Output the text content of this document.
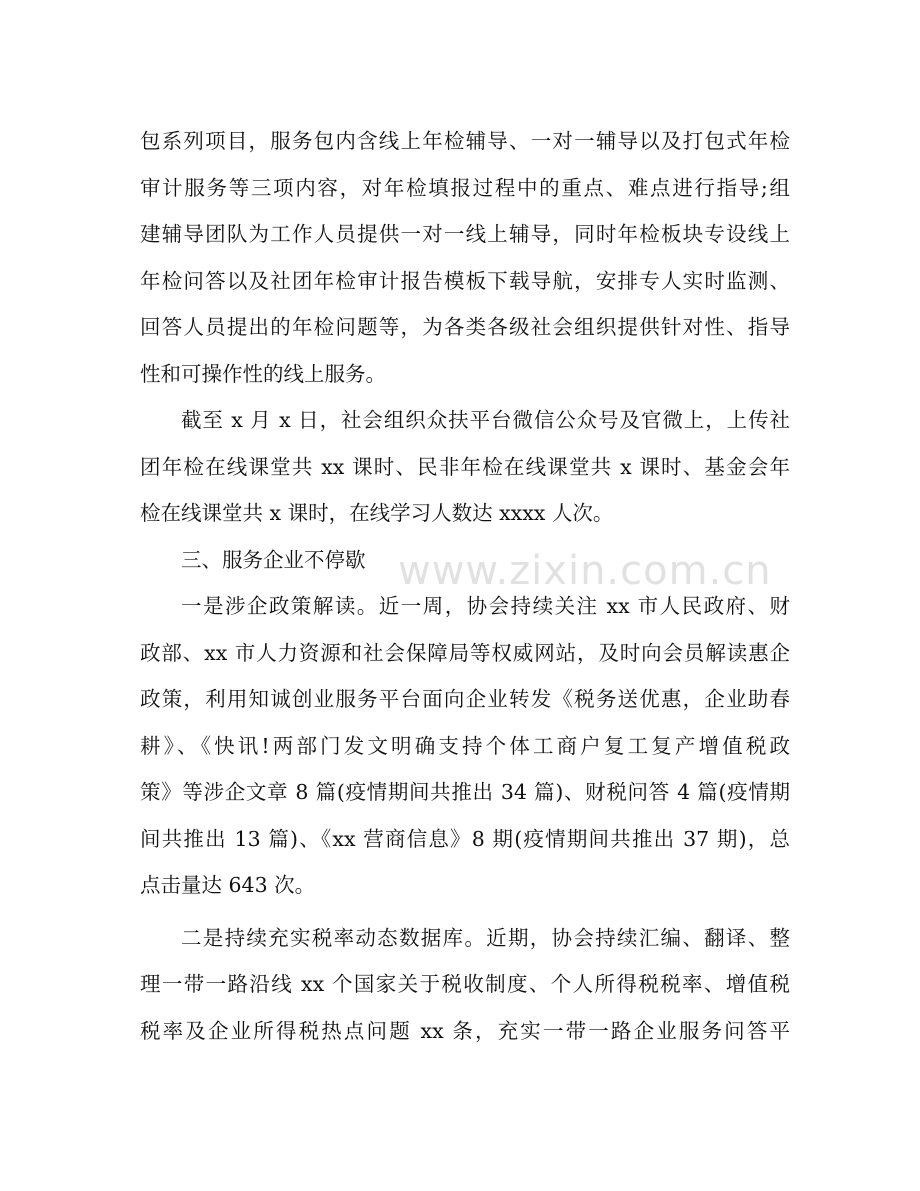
包系列项目，服务包内含线上年检辅导、一对一辅导以及打包式年检
审计服务等三项内容，对年检填报过程中的重点、难点进行指导;组
建辅导团队为工作人员提供一对一线上辅导，同时年检板块专设线上
年检问答以及社团年检审计报告模板下载导航，安排专人实时监测、
回答人员提出的年检问题等，为各类各级社会组织提供针对性、指导
性和可操作性的线上服务。
截至 x 月 x 日，社会组织众扶平台微信公众号及官微上，上传社
团年检在线课堂共 xx 课时、民非年检在线课堂共 x 课时、基金会年
检在线课堂共 x 课时，在线学习人数达 xxxx 人次。
三、服务企业不停歇
一是涉企政策解读。近一周，协会持续关注 xx 市人民政府、财
政部、xx 市人力资源和社会保障局等权威网站，及时向会员解读惠企
政策，利用知诚创业服务平台面向企业转发《税务送优惠，企业助春
耕》、《快讯!两部门发文明确支持个体工商户复工复产增值税政
策》等涉企文章 8 篇(疫情期间共推出 34 篇)、财税问答 4 篇(疫情期
间共推出 13 篇)、《xx 营商信息》8 期(疫情期间共推出 37 期)，总
点击量达 643 次。
二是持续充实税率动态数据库。近期，协会持续汇编、翻译、整
理一带一路沿线 xx 个国家关于税收制度、个人所得税税率、增值税
税率及企业所得税热点问题 xx 条，充实一带一路企业服务问答平
www.zixin.com.cn
